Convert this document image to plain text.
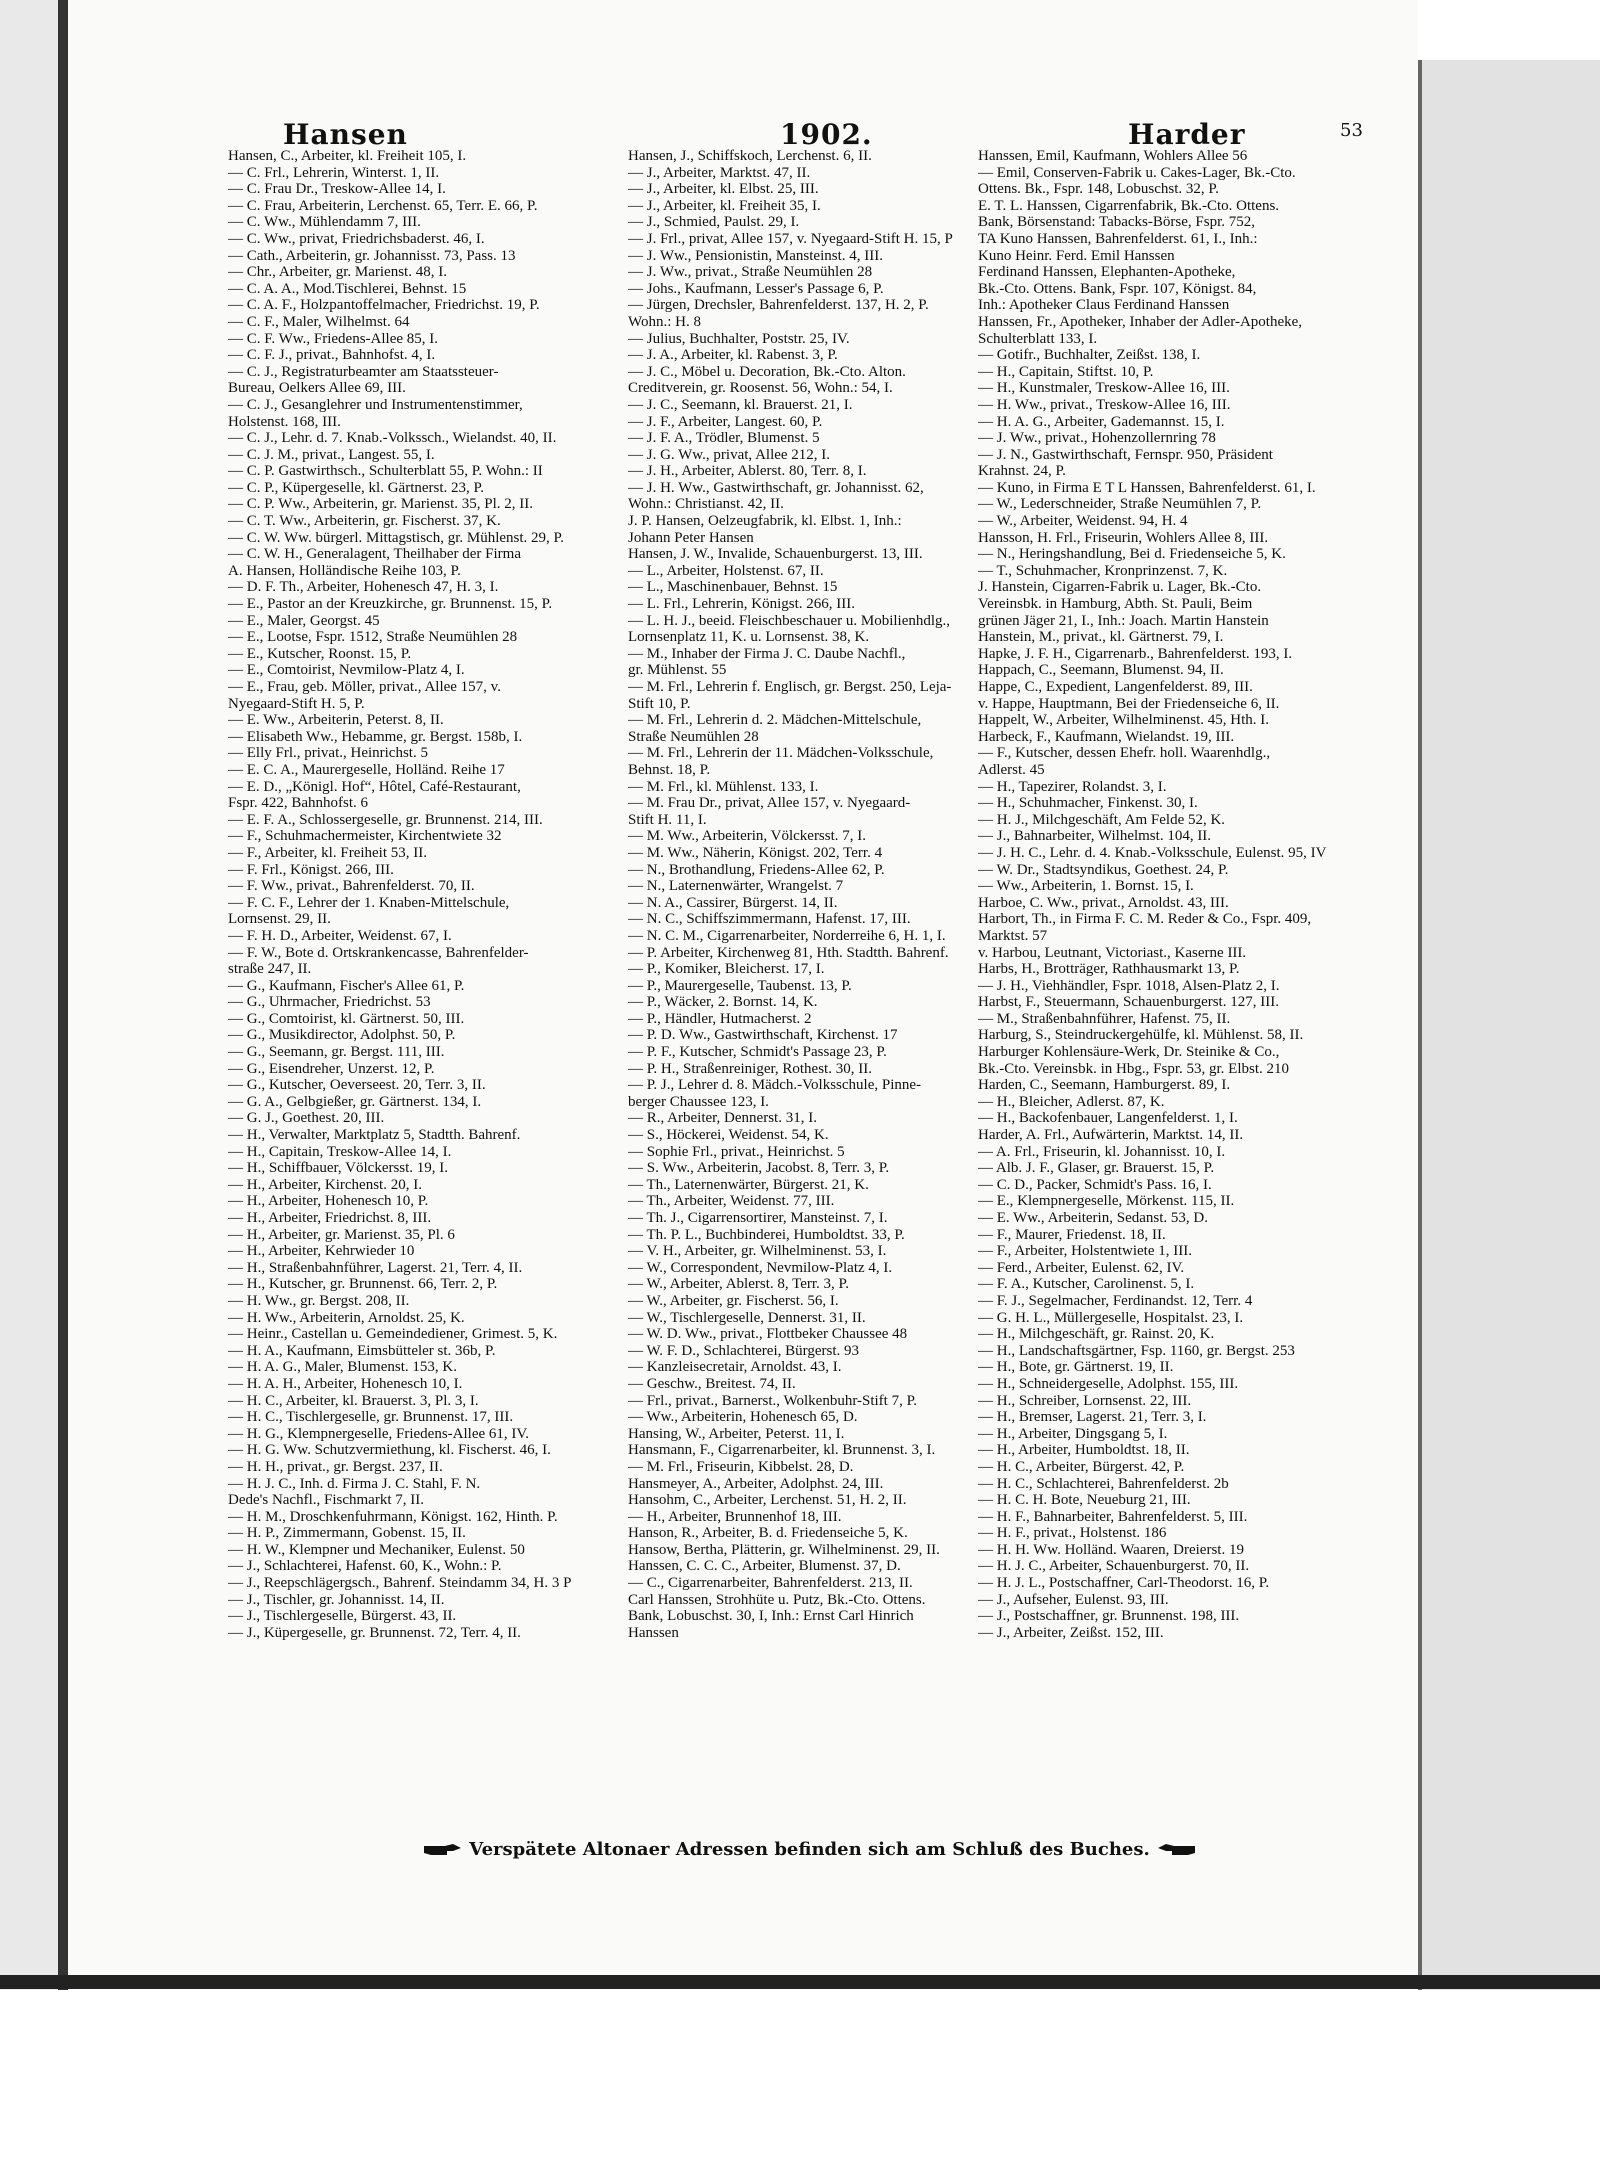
Hansen	1902.	Harder	53
Hansen, C., Arbeiter, kl. Freiheit 105, I.
— C. Frl., Lehrerin, Winterst. 1, II.
— C. Frau Dr., Treskow-Allee 14, I.
— C. Frau, Arbeiterin, Lerchenst. 65, Terr. E. 66, P.
— C. Ww., Mühlendamm 7, III.
— C. Ww., privat, Friedrichsbaderst. 46, I.
— Cath., Arbeiterin, gr. Johannisst. 73, Pass. 13
— Chr., Arbeiter, gr. Marienst. 48, I.
— C. A. A., Mod.Tischlerei, Behnst. 15
— C. A. F., Holzpantoffelmacher, Friedrichst. 19, P.
— C. F., Maler, Wilhelmst. 64
— C. F. Ww., Friedens-Allee 85, I.
— C. F. J., privat., Bahnhofst. 4, I.
— C. J., Registraturbeamter am Staatssteuer-
Bureau, Oelkers Allee 69, III.
— C. J., Gesanglehrer und Instrumentenstimmer,
Holstenst. 168, III.
— C. J., Lehr. d. 7. Knab.-Volkssch., Wielandst. 40, II.
— C. J. M., privat., Langest. 55, I.
— C. P. Gastwirthsch., Schulterblatt 55, P. Wohn.: II
— C. P., Küpergeselle, kl. Gärtnerst. 23, P.
— C. P. Ww., Arbeiterin, gr. Marienst. 35, Pl. 2, II.
— C. T. Ww., Arbeiterin, gr. Fischerst. 37, K.
— C. W. Ww. bürgerl. Mittagstisch, gr. Mühlenst. 29, P.
— C. W. H., Generalagent, Theilhaber der Firma
A. Hansen, Holländische Reihe 103, P.
— D. F. Th., Arbeiter, Hohenesch 47, H. 3, I.
— E., Pastor an der Kreuzkirche, gr. Brunnenst. 15, P.
— E., Maler, Georgst. 45
— E., Lootse, Fspr. 1512, Straße Neumühlen 28
— E., Kutscher, Roonst. 15, P.
— E., Comtoirist, Nevmilow-Platz 4, I.
— E., Frau, geb. Möller, privat., Allee 157, v.
Nyegaard-Stift H. 5, P.
— E. Ww., Arbeiterin, Peterst. 8, II.
— Elisabeth Ww., Hebamme, gr. Bergst. 158b, I.
— Elly Frl., privat., Heinrichst. 5
— E. C. A., Maurergeselle, Holländ. Reihe 17
— E. D., „Königl. Hof“, Hôtel, Café-Restaurant,
Fspr. 422, Bahnhofst. 6
— E. F. A., Schlossergeselle, gr. Brunnenst. 214, III.
— F., Schuhmachermeister, Kirchentwiete 32
— F., Arbeiter, kl. Freiheit 53, II.
— F. Frl., Königst. 266, III.
— F. Ww., privat., Bahrenfelderst. 70, II.
— F. C. F., Lehrer der 1. Knaben-Mittelschule,
Lornsenst. 29, II.
— F. H. D., Arbeiter, Weidenst. 67, I.
— F. W., Bote d. Ortskrankencasse, Bahrenfelder-
straße 247, II.
— G., Kaufmann, Fischer's Allee 61, P.
— G., Uhrmacher, Friedrichst. 53
— G., Comtoirist, kl. Gärtnerst. 50, III.
— G., Musikdirector, Adolphst. 50, P.
— G., Seemann, gr. Bergst. 111, III.
— G., Eisendreher, Unzerst. 12, P.
— G., Kutscher, Oeverseest. 20, Terr. 3, II.
— G. A., Gelbgießer, gr. Gärtnerst. 134, I.
— G. J., Goethest. 20, III.
— H., Verwalter, Marktplatz 5, Stadtth. Bahrenf.
— H., Capitain, Treskow-Allee 14, I.
— H., Schiffbauer, Völckersst. 19, I.
— H., Arbeiter, Kirchenst. 20, I.
— H., Arbeiter, Hohenesch 10, P.
— H., Arbeiter, Friedrichst. 8, III.
— H., Arbeiter, gr. Marienst. 35, Pl. 6
— H., Arbeiter, Kehrwieder 10
— H., Straßenbahnführer, Lagerst. 21, Terr. 4, II.
— H., Kutscher, gr. Brunnenst. 66, Terr. 2, P.
— H. Ww., gr. Bergst. 208, II.
— H. Ww., Arbeiterin, Arnoldst. 25, K.
— Heinr., Castellan u. Gemeindediener, Grimest. 5, K.
— H. A., Kaufmann, Eimsbütteler st. 36b, P.
— H. A. G., Maler, Blumenst. 153, K.
— H. A. H., Arbeiter, Hohenesch 10, I.
— H. C., Arbeiter, kl. Brauerst. 3, Pl. 3, I.
— H. C., Tischlergeselle, gr. Brunnenst. 17, III.
— H. G., Klempnergeselle, Friedens-Allee 61, IV.
— H. G. Ww. Schutzvermiethung, kl. Fischerst. 46, I.
— H. H., privat., gr. Bergst. 237, II.
— H. J. C., Inh. d. Firma J. C. Stahl, F. N.
Dede's Nachfl., Fischmarkt 7, II.
— H. M., Droschkenfuhrmann, Königst. 162, Hinth. P.
— H. P., Zimmermann, Gobenst. 15, II.
— H. W., Klempner und Mechaniker, Eulenst. 50
— J., Schlachterei, Hafenst. 60, K., Wohn.: P.
— J., Reepschlägergsch., Bahrenf. Steindamm 34, H. 3 P
— J., Tischler, gr. Johannisst. 14, II.
— J., Tischlergeselle, Bürgerst. 43, II.
— J., Küpergeselle, gr. Brunnenst. 72, Terr. 4, II.
Hansen, J., Schiffskoch, Lerchenst. 6, II.
— J., Arbeiter, Marktst. 47, II.
— J., Arbeiter, kl. Elbst. 25, III.
— J., Arbeiter, kl. Freiheit 35, I.
— J., Schmied, Paulst. 29, I.
— J. Frl., privat, Allee 157, v. Nyegaard-Stift H. 15, P
— J. Ww., Pensionistin, Mansteinst. 4, III.
— J. Ww., privat., Straße Neumühlen 28
— Johs., Kaufmann, Lesser's Passage 6, P.
— Jürgen, Drechsler, Bahrenfelderst. 137, H. 2, P.
Wohn.: H. 8
— Julius, Buchhalter, Poststr. 25, IV.
— J. A., Arbeiter, kl. Rabenst. 3, P.
— J. C., Möbel u. Decoration, Bk.-Cto. Alton.
Creditverein, gr. Roosenst. 56, Wohn.: 54, I.
— J. C., Seemann, kl. Brauerst. 21, I.
— J. F., Arbeiter, Langest. 60, P.
— J. F. A., Trödler, Blumenst. 5
— J. G. Ww., privat, Allee 212, I.
— J. H., Arbeiter, Ablerst. 80, Terr. 8, I.
— J. H. Ww., Gastwirthschaft, gr. Johannisst. 62,
Wohn.: Christianst. 42, II.
J. P. Hansen, Oelzeugfabrik, kl. Elbst. 1, Inh.:
Johann Peter Hansen
Hansen, J. W., Invalide, Schauenburgerst. 13, III.
— L., Arbeiter, Holstenst. 67, II.
— L., Maschinenbauer, Behnst. 15
— L. Frl., Lehrerin, Königst. 266, III.
— L. H. J., beeid. Fleischbeschauer u. Mobilienhdlg.,
Lornsenplatz 11, K. u. Lornsenst. 38, K.
— M., Inhaber der Firma J. C. Daube Nachfl.,
gr. Mühlenst. 55
— M. Frl., Lehrerin f. Englisch, gr. Bergst. 250, Leja-
Stift 10, P.
— M. Frl., Lehrerin d. 2. Mädchen-Mittelschule,
Straße Neumühlen 28
— M. Frl., Lehrerin der 11. Mädchen-Volksschule,
Behnst. 18, P.
— M. Frl., kl. Mühlenst. 133, I.
— M. Frau Dr., privat, Allee 157, v. Nyegaard-
Stift H. 11, I.
— M. Ww., Arbeiterin, Völckersst. 7, I.
— M. Ww., Näherin, Königst. 202, Terr. 4
— N., Brothandlung, Friedens-Allee 62, P.
— N., Laternenwärter, Wrangelst. 7
— N. A., Cassirer, Bürgerst. 14, II.
— N. C., Schiffszimmermann, Hafenst. 17, III.
— N. C. M., Cigarrenarbeiter, Norderreihe 6, H. 1, I.
— P. Arbeiter, Kirchenweg 81, Hth. Stadtth. Bahrenf.
— P., Komiker, Bleicherst. 17, I.
— P., Maurergeselle, Taubenst. 13, P.
— P., Wäcker, 2. Bornst. 14, K.
— P., Händler, Hutmacherst. 2
— P. D. Ww., Gastwirthschaft, Kirchenst. 17
— P. F., Kutscher, Schmidt's Passage 23, P.
— P. H., Straßenreiniger, Rothest. 30, II.
— P. J., Lehrer d. 8. Mädch.-Volksschule, Pinne-
berger Chaussee 123, I.
— R., Arbeiter, Dennerst. 31, I.
— S., Höckerei, Weidenst. 54, K.
— Sophie Frl., privat., Heinrichst. 5
— S. Ww., Arbeiterin, Jacobst. 8, Terr. 3, P.
— Th., Laternenwärter, Bürgerst. 21, K.
— Th., Arbeiter, Weidenst. 77, III.
— Th. J., Cigarrensortirer, Mansteinst. 7, I.
— Th. P. L., Buchbinderei, Humboldtst. 33, P.
— V. H., Arbeiter, gr. Wilhelminenst. 53, I.
— W., Correspondent, Nevmilow-Platz 4, I.
— W., Arbeiter, Ablerst. 8, Terr. 3, P.
— W., Arbeiter, gr. Fischerst. 56, I.
— W., Tischlergeselle, Dennerst. 31, II.
— W. D. Ww., privat., Flottbeker Chaussee 48
— W. F. D., Schlachterei, Bürgerst. 93
— Kanzleisecretair, Arnoldst. 43, I.
— Geschw., Breitest. 74, II.
— Frl., privat., Barnerst., Wolkenbuhr-Stift 7, P.
— Ww., Arbeiterin, Hohenesch 65, D.
Hansing, W., Arbeiter, Peterst. 11, I.
Hansmann, F., Cigarrenarbeiter, kl. Brunnenst. 3, I.
— M. Frl., Friseurin, Kibbelst. 28, D.
Hansmeyer, A., Arbeiter, Adolphst. 24, III.
Hansohm, C., Arbeiter, Lerchenst. 51, H. 2, II.
— H., Arbeiter, Brunnenhof 18, III.
Hanson, R., Arbeiter, B. d. Friedenseiche 5, K.
Hansow, Bertha, Plätterin, gr. Wilhelminenst. 29, II.
Hanssen, C. C. C., Arbeiter, Blumenst. 37, D.
— C., Cigarrenarbeiter, Bahrenfelderst. 213, II.
Carl Hanssen, Strohhüte u. Putz, Bk.-Cto. Ottens.
Bank, Lobuschst. 30, I, Inh.: Ernst Carl Hinrich
Hanssen
Hanssen, Emil, Kaufmann, Wohlers Allee 56
— Emil, Conserven-Fabrik u. Cakes-Lager, Bk.-Cto.
Ottens. Bk., Fspr. 148, Lobuschst. 32, P.
E. T. L. Hanssen, Cigarrenfabrik, Bk.-Cto. Ottens.
Bank, Börsenstand: Tabacks-Börse, Fspr. 752,
TA Kuno Hanssen, Bahrenfelderst. 61, I., Inh.:
Kuno Heinr. Ferd. Emil Hanssen
Ferdinand Hanssen, Elephanten-Apotheke,
Bk.-Cto. Ottens. Bank, Fspr. 107, Königst. 84,
Inh.: Apotheker Claus Ferdinand Hanssen
Hanssen, Fr., Apotheker, Inhaber der Adler-Apotheke,
Schulterblatt 133, I.
— Gotifr., Buchhalter, Zeißst. 138, I.
— H., Capitain, Stiftst. 10, P.
— H., Kunstmaler, Treskow-Allee 16, III.
— H. Ww., privat., Treskow-Allee 16, III.
— H. A. G., Arbeiter, Gademannst. 15, I.
— J. Ww., privat., Hohenzollernring 78
— J. N., Gastwirthschaft, Fernspr. 950, Präsident
Krahnst. 24, P.
— Kuno, in Firma E T L Hanssen, Bahrenfelderst. 61, I.
— W., Lederschneider, Straße Neumühlen 7, P.
— W., Arbeiter, Weidenst. 94, H. 4
Hansson, H. Frl., Friseurin, Wohlers Allee 8, III.
— N., Heringshandlung, Bei d. Friedenseiche 5, K.
— T., Schuhmacher, Kronprinzenst. 7, K.
J. Hanstein, Cigarren-Fabrik u. Lager, Bk.-Cto.
Vereinsbk. in Hamburg, Abth. St. Pauli, Beim
grünen Jäger 21, I., Inh.: Joach. Martin Hanstein
Hanstein, M., privat., kl. Gärtnerst. 79, I.
Hapke, J. F. H., Cigarrenarb., Bahrenfelderst. 193, I.
Happach, C., Seemann, Blumenst. 94, II.
Happe, C., Expedient, Langenfelderst. 89, III.
v. Happe, Hauptmann, Bei der Friedenseiche 6, II.
Happelt, W., Arbeiter, Wilhelminenst. 45, Hth. I.
Harbeck, F., Kaufmann, Wielandst. 19, III.
— F., Kutscher, dessen Ehefr. holl. Waarenhdlg.,
Adlerst. 45
— H., Tapezirer, Rolandst. 3, I.
— H., Schuhmacher, Finkenst. 30, I.
— H. J., Milchgeschäft, Am Felde 52, K.
— J., Bahnarbeiter, Wilhelmst. 104, II.
— J. H. C., Lehr. d. 4. Knab.-Volksschule, Eulenst. 95, IV
— W. Dr., Stadtsyndikus, Goethest. 24, P.
— Ww., Arbeiterin, 1. Bornst. 15, I.
Harboe, C. Ww., privat., Arnoldst. 43, III.
Harbort, Th., in Firma F. C. M. Reder & Co., Fspr. 409,
Marktst. 57
v. Harbou, Leutnant, Victoriast., Kaserne III.
Harbs, H., Brotträger, Rathhausmarkt 13, P.
— J. H., Viehhändler, Fspr. 1018, Alsen-Platz 2, I.
Harbst, F., Steuermann, Schauenburgerst. 127, III.
— M., Straßenbahnführer, Hafenst. 75, II.
Harburg, S., Steindruckergehülfe, kl. Mühlenst. 58, II.
Harburger Kohlensäure-Werk, Dr. Steinike & Co.,
Bk.-Cto. Vereinsbk. in Hbg., Fspr. 53, gr. Elbst. 210
Harden, C., Seemann, Hamburgerst. 89, I.
— H., Bleicher, Adlerst. 87, K.
— H., Backofenbauer, Langenfelderst. 1, I.
Harder, A. Frl., Aufwärterin, Marktst. 14, II.
— A. Frl., Friseurin, kl. Johannisst. 10, I.
— Alb. J. F., Glaser, gr. Brauerst. 15, P.
— C. D., Packer, Schmidt's Pass. 16, I.
— E., Klempnergeselle, Mörkenst. 115, II.
— E. Ww., Arbeiterin, Sedanst. 53, D.
— F., Maurer, Friedenst. 18, II.
— F., Arbeiter, Holstentwiete 1, III.
— Ferd., Arbeiter, Eulenst. 62, IV.
— F. A., Kutscher, Carolinenst. 5, I.
— F. J., Segelmacher, Ferdinandst. 12, Terr. 4
— G. H. L., Müllergeselle, Hospitalst. 23, I.
— H., Milchgeschäft, gr. Rainst. 20, K.
— H., Landschaftsgärtner, Fsp. 1160, gr. Bergst. 253
— H., Bote, gr. Gärtnerst. 19, II.
— H., Schneidergeselle, Adolphst. 155, III.
— H., Schreiber, Lornsenst. 22, III.
— H., Bremser, Lagerst. 21, Terr. 3, I.
— H., Arbeiter, Dingsgang 5, I.
— H., Arbeiter, Humboldtst. 18, II.
— H. C., Arbeiter, Bürgerst. 42, P.
— H. C., Schlachterei, Bahrenfelderst. 2b
— H. C. H. Bote, Neueburg 21, III.
— H. F., Bahnarbeiter, Bahrenfelderst. 5, III.
— H. F., privat., Holstenst. 186
— H. H. Ww. Holländ. Waaren, Dreierst. 19
— H. J. C., Arbeiter, Schauenburgerst. 70, II.
— H. J. L., Postschaffner, Carl-Theodorst. 16, P.
— J., Aufseher, Eulenst. 93, III.
— J., Postschaffner, gr. Brunnenst. 198, III.
— J., Arbeiter, Zeißst. 152, III.
Verspätete Altonaer Adressen befinden sich am Schluß des Buches.
